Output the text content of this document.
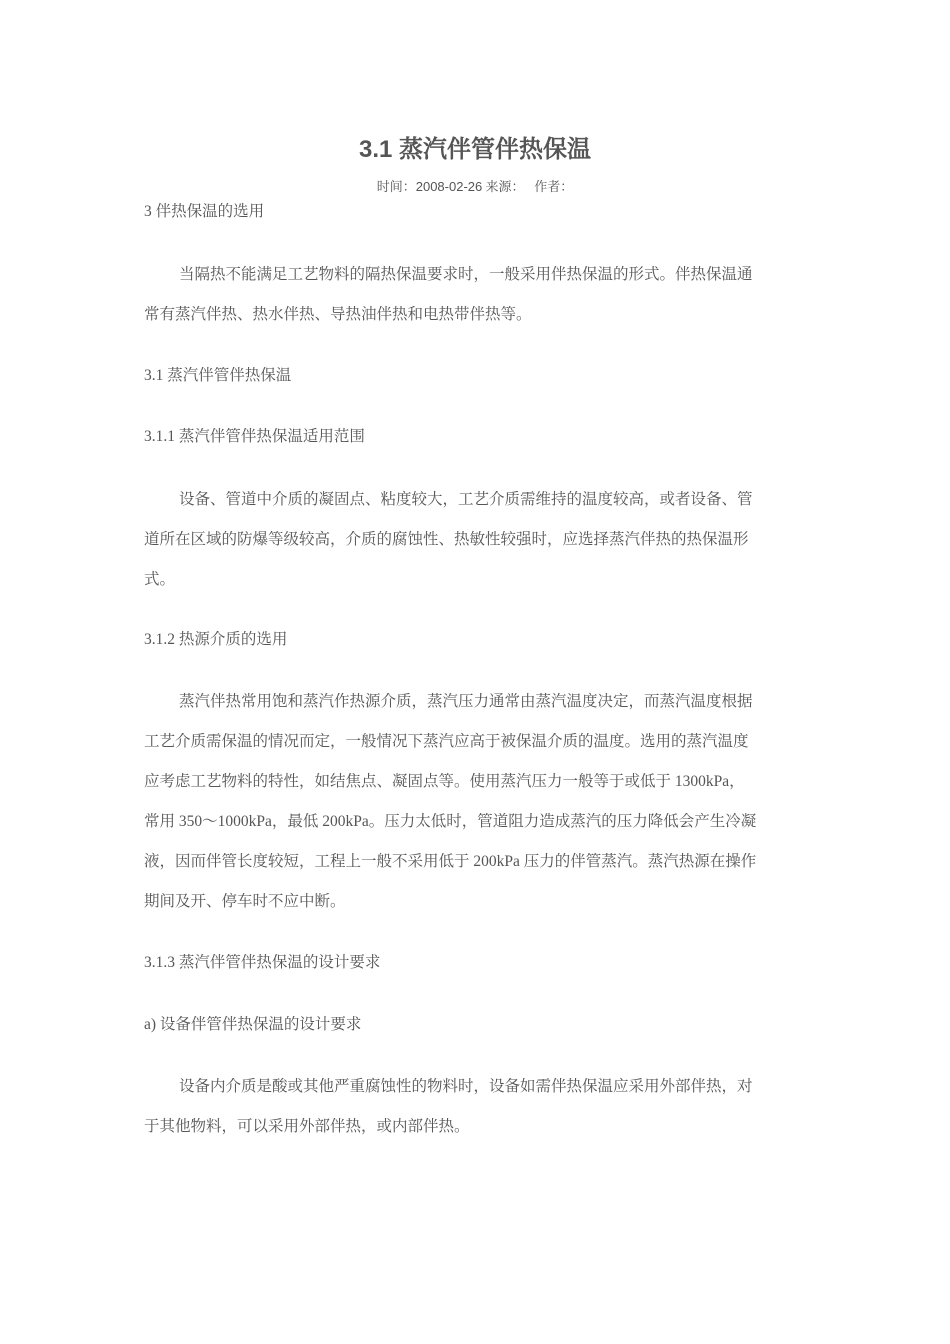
3.1 蒸汽伴管伴热保温
时间：2008-02-26 来源：   作者：
3 伴热保温的选用
当隔热不能满足工艺物料的隔热保温要求时，一般采用伴热保温的形式。伴热保温通
常有蒸汽伴热、热水伴热、导热油伴热和电热带伴热等。
3.1 蒸汽伴管伴热保温
3.1.1 蒸汽伴管伴热保温适用范围
设备、管道中介质的凝固点、粘度较大，工艺介质需维持的温度较高，或者设备、管
道所在区域的防爆等级较高，介质的腐蚀性、热敏性较强时，应选择蒸汽伴热的热保温形
式。
3.1.2 热源介质的选用
蒸汽伴热常用饱和蒸汽作热源介质，蒸汽压力通常由蒸汽温度决定，而蒸汽温度根据
工艺介质需保温的情况而定，一般情况下蒸汽应高于被保温介质的温度。选用的蒸汽温度
应考虑工艺物料的特性，如结焦点、凝固点等。使用蒸汽压力一般等于或低于 1300kPa，
常用 350～1000kPa，最低 200kPa。压力太低时，管道阻力造成蒸汽的压力降低会产生冷凝
液，因而伴管长度较短，工程上一般不采用低于 200kPa 压力的伴管蒸汽。蒸汽热源在操作
期间及开、停车时不应中断。
3.1.3 蒸汽伴管伴热保温的设计要求
a) 设备伴管伴热保温的设计要求
设备内介质是酸或其他严重腐蚀性的物料时，设备如需伴热保温应采用外部伴热，对
于其他物料，可以采用外部伴热，或内部伴热。
